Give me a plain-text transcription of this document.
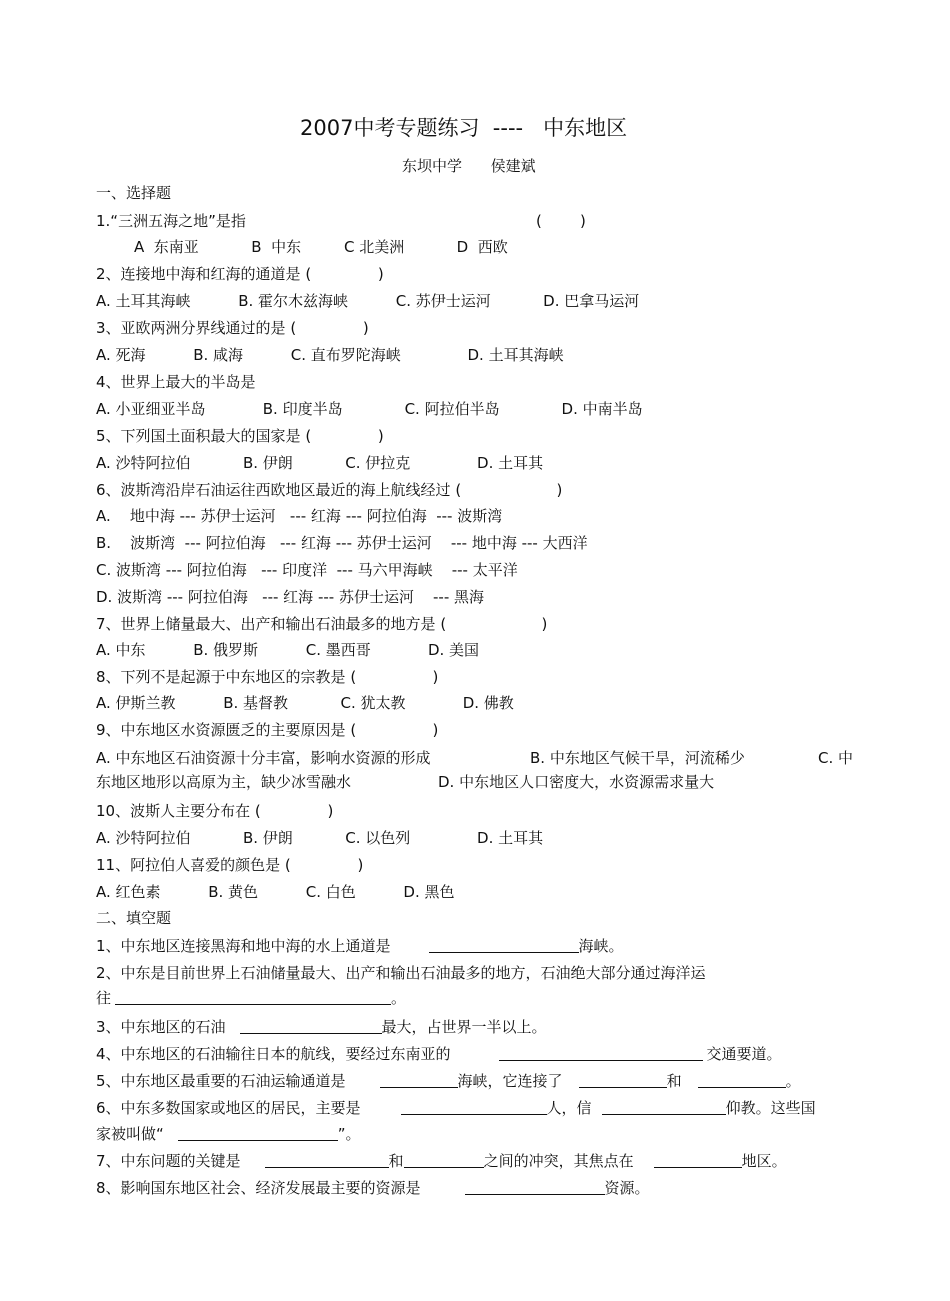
2007中考专题练习  ----   中东地区
东坝中学      侯建斌
一、选择题
1.“三洲五海之地”是指	(        )
A  东南亚           B  中东         C 北美洲           D  西欧
2、连接地中海和红海的通道是 (              )
A. 土耳其海峡          B. 霍尔木兹海峡          C. 苏伊士运河           D. 巴拿马运河
3、亚欧两洲分界线通过的是 (              )
A. 死海          B. 咸海          C. 直布罗陀海峡              D. 土耳其海峡
4、世界上最大的半岛是
A. 小亚细亚半岛            B. 印度半岛             C. 阿拉伯半岛             D. 中南半岛
5、下列国土面积最大的国家是 (              )
A. 沙特阿拉伯           B. 伊朗           C. 伊拉克              D. 土耳其
6、波斯湾沿岸石油运往西欧地区最近的海上航线经过 (                    )
A.    地中海 --- 苏伊士运河   --- 红海 --- 阿拉伯海  --- 波斯湾
B.    波斯湾  --- 阿拉伯海   --- 红海 --- 苏伊士运河    --- 地中海 --- 大西洋
C. 波斯湾 --- 阿拉伯海   --- 印度洋  --- 马六甲海峡    --- 太平洋
D. 波斯湾 --- 阿拉伯海   --- 红海 --- 苏伊士运河    --- 黑海
7、世界上储量最大、出产和输出石油最多的地方是 (                    )
A. 中东          B. 俄罗斯          C. 墨西哥            D. 美国
8、下列不是起源于中东地区的宗教是 (                )
A. 伊斯兰教          B. 基督教           C. 犹太教            D. 佛教
9、中东地区水资源匮乏的主要原因是 (                )
A. 中东地区石油资源十分丰富，影响水资源的形成	B. 中东地区气候干旱，河流稀少	C. 中
东地区地形以高原为主，缺少冰雪融水	D. 中东地区人口密度大，水资源需求量大
10、波斯人主要分布在 (              )
A. 沙特阿拉伯           B. 伊朗           C. 以色列              D. 土耳其
11、阿拉伯人喜爱的颜色是 (              )
A. 红色素          B. 黄色          C. 白色          D. 黑色
二、填空题
1、中东地区连接黑海和地中海的水上通道是	海峡。
2、中东是目前世界上石油储量最大、出产和输出石油最多的地方，石油绝大部分通过海洋运
往	。
3、中东地区的石油	最大，占世界一半以上。
4、中东地区的石油输往日本的航线，要经过东南亚的	交通要道。
5、中东地区最重要的石油运输通道是	海峡，它连接了	和	。
6、中东多数国家或地区的居民，主要是	人，信	仰教。这些国
家被叫做“	”。
7、中东问题的关键是	和	之间的冲突，其焦点在	地区。
8、影响国东地区社会、经济发展最主要的资源是	资源。
